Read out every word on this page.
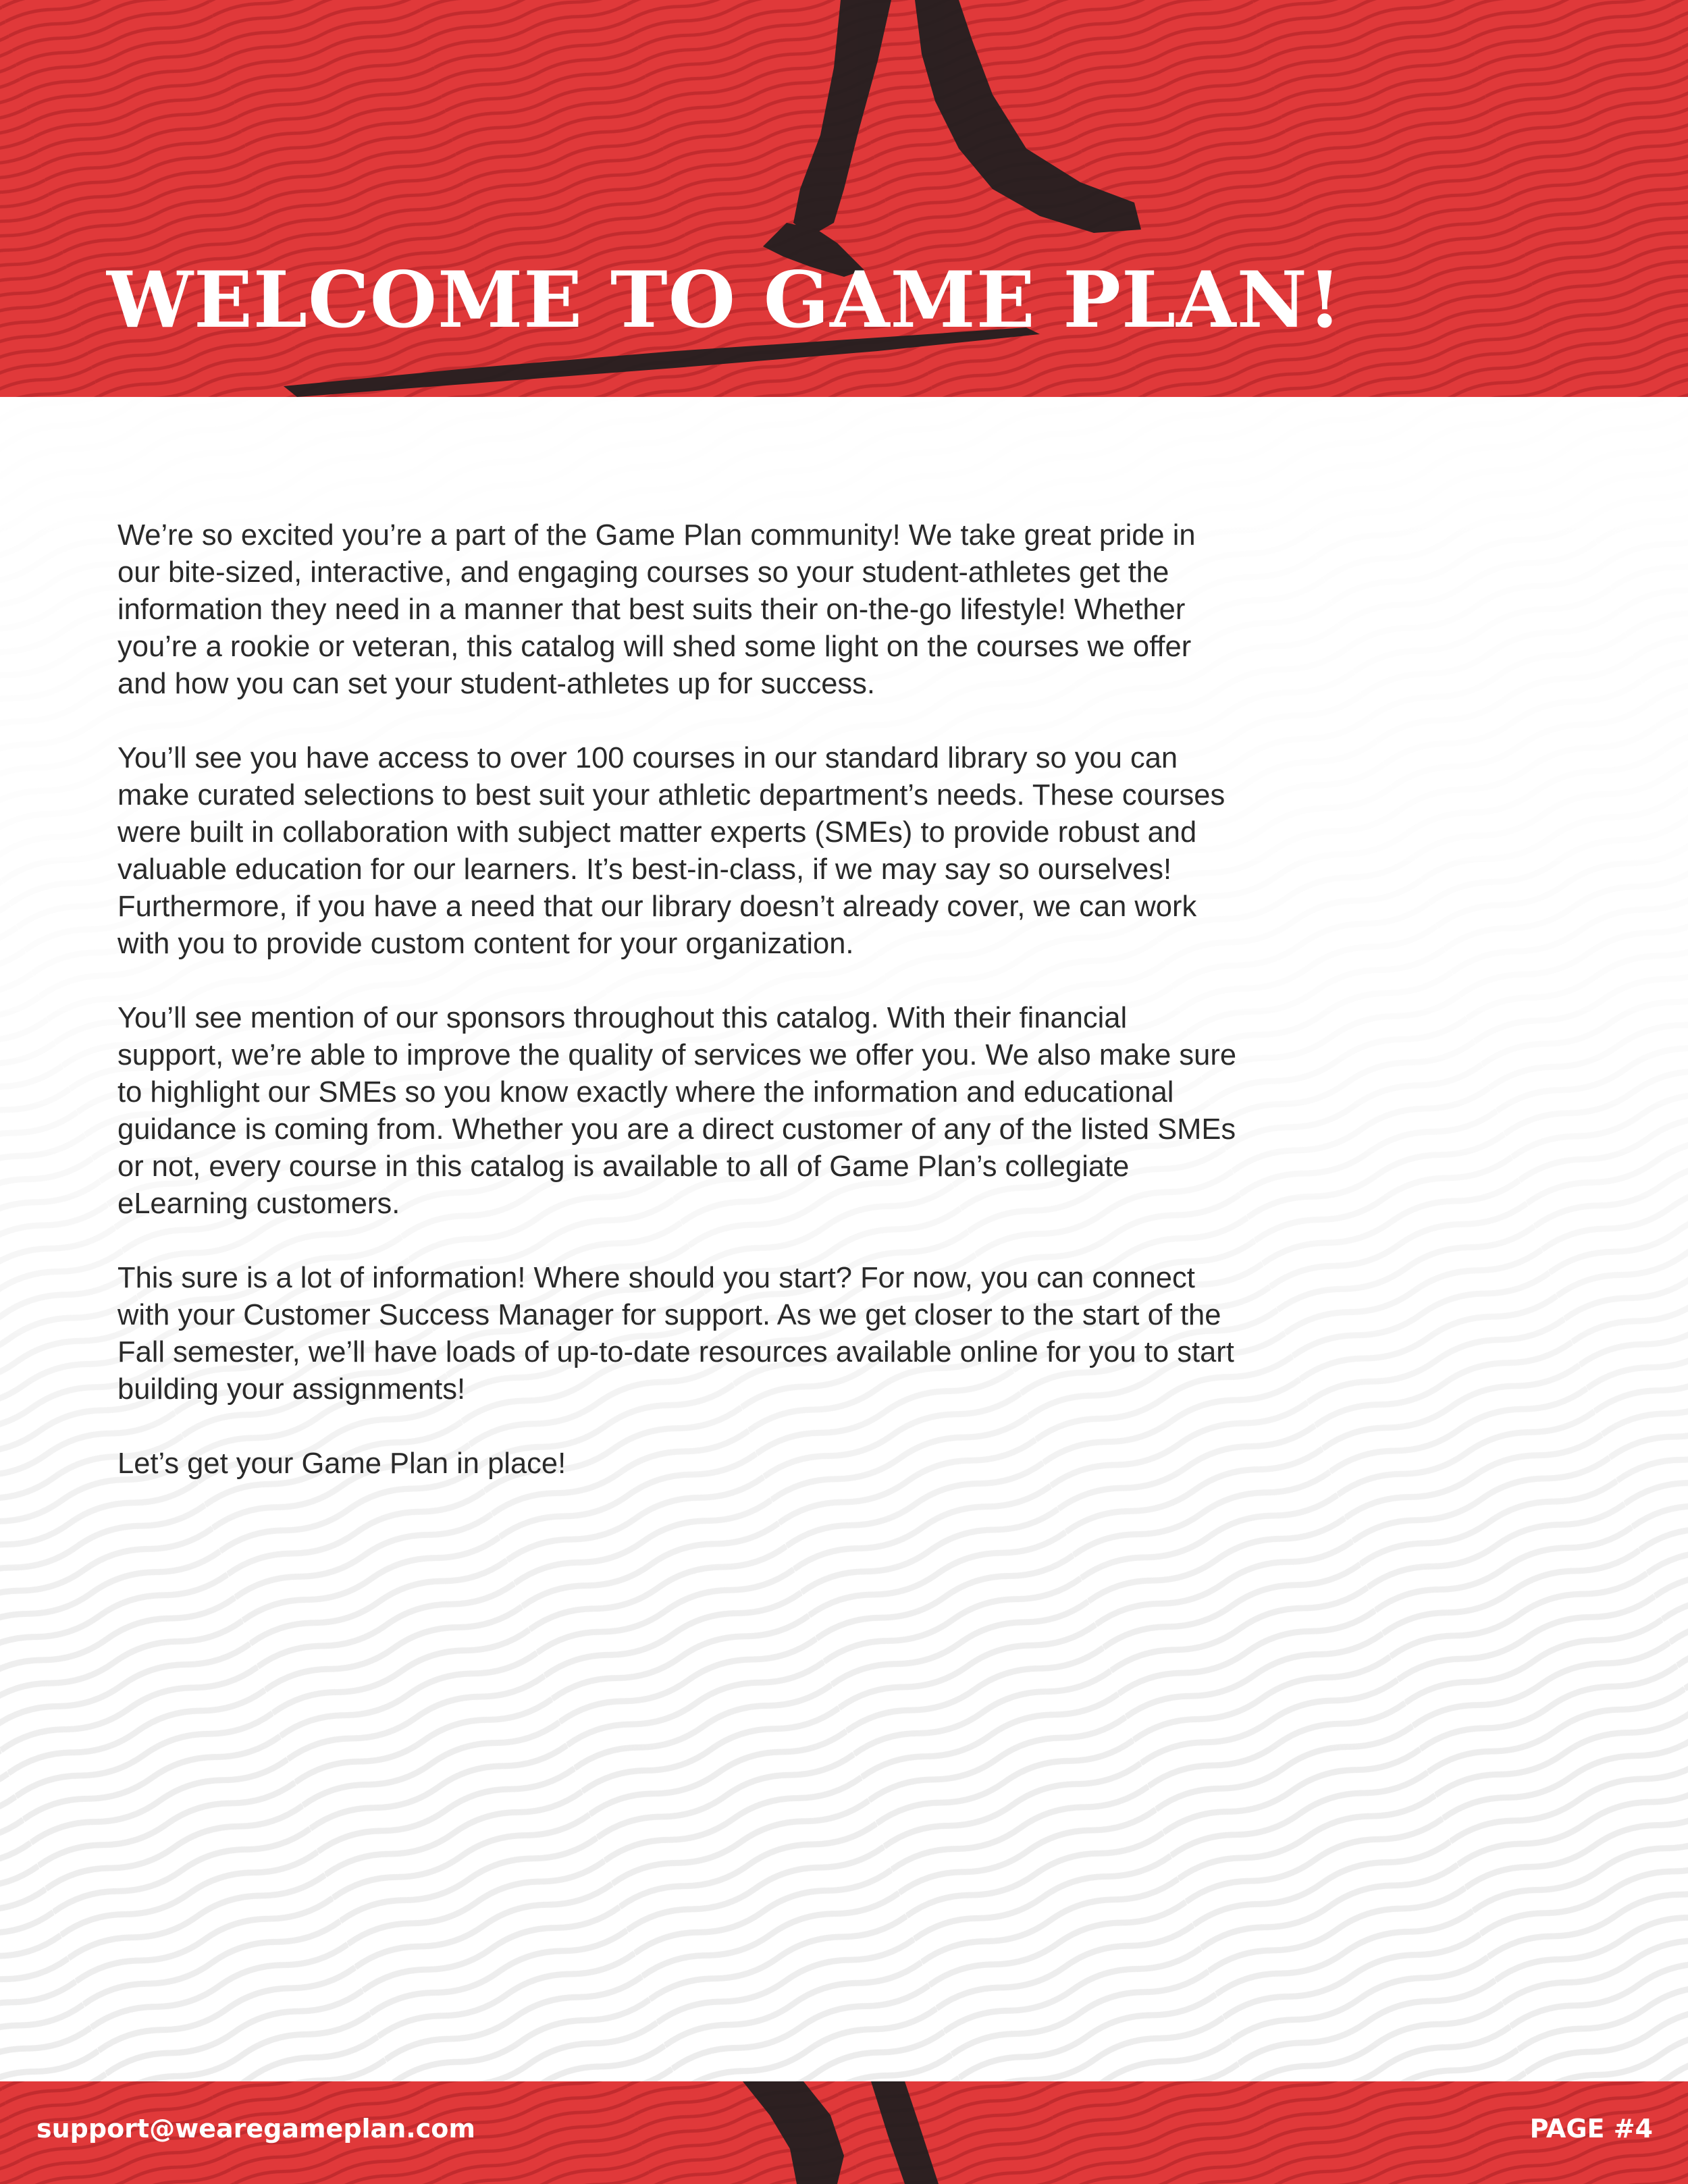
WELCOME TO GAME PLAN!

We’re so excited you’re a part of the Game Plan community! We take great pride in our bite-sized, interactive, and engaging courses so your student-athletes get the information they need in a manner that best suits their on-the-go lifestyle! Whether you’re a rookie or veteran, this catalog will shed some light on the courses we offer and how you can set your student-athletes up for success.

You’ll see you have access to over 100 courses in our standard library so you can make curated selections to best suit your athletic department’s needs. These courses were built in collaboration with subject matter experts (SMEs) to provide robust and valuable education for our learners. It’s best-in-class, if we may say so ourselves! Furthermore, if you have a need that our library doesn’t already cover, we can work with you to provide custom content for your organization.

You’ll see mention of our sponsors throughout this catalog. With their financial support, we’re able to improve the quality of services we offer you. We also make sure to highlight our SMEs so you know exactly where the information and educational guidance is coming from. Whether you are a direct customer of any of the listed SMEs or not, every course in this catalog is available to all of Game Plan’s collegiate eLearning customers.

This sure is a lot of information! Where should you start? For now, you can connect with your Customer Success Manager for support. As we get closer to the start of the Fall semester, we’ll have loads of up-to-date resources available online for you to start building your assignments!

Let’s get your Game Plan in place!

support@wearegameplan.com	PAGE #4
